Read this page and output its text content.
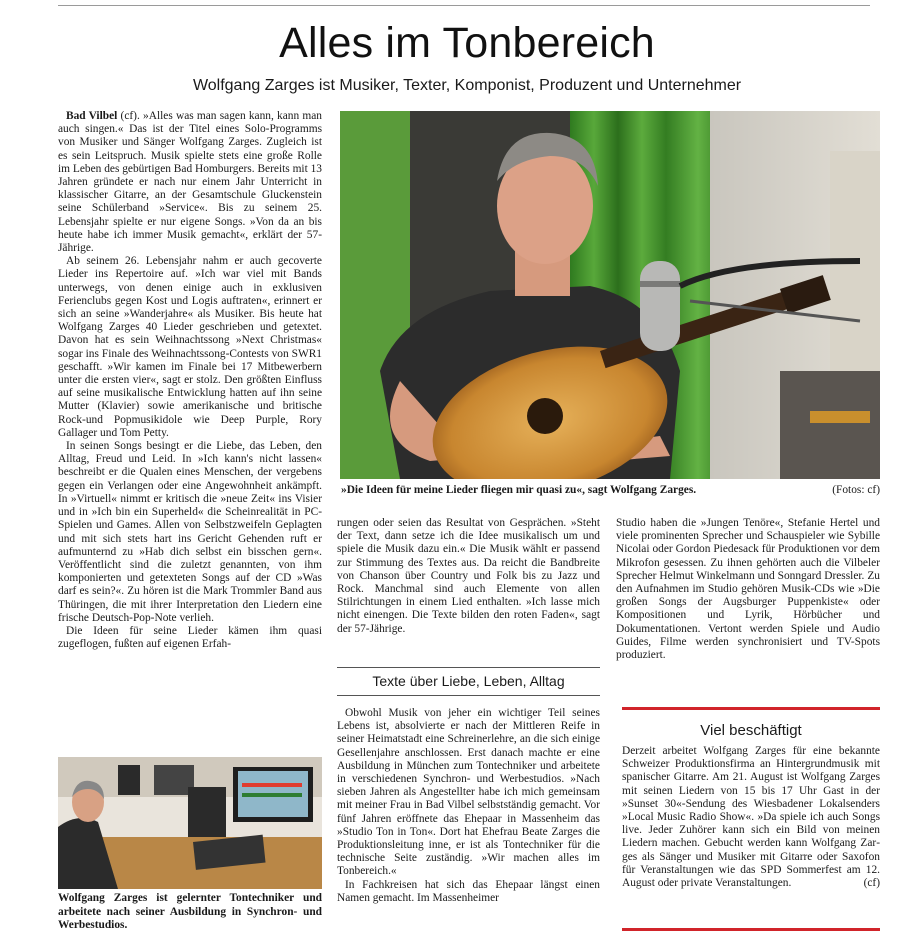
Alles im Tonbereich
Wolfgang Zarges ist Musiker, Texter, Komponist, Produzent und Unternehmer

Bad Vilbel (cf). »Alles was man sagen kann, kann man auch singen.« Das ist der Titel eines Solo-Programms von Musiker und Sänger Wolfgang Zarges. Zugleich ist es sein Leitspruch. Musik spielte stets eine große Rolle im Leben des gebürtigen Bad Homburgers. Bereits mit 13 Jahren gründete er nach nur einem Jahr Unterricht in klassischer Gitarre, an der Gesamtschule Gluckenstein seine Schülerband »Service«. Bis zu seinem 25. Lebensjahr spielte er nur eigene Songs. »Von da an bis heute habe ich immer Musik gemacht«, erklärt der 57-Jährige.

Ab seinem 26. Lebensjahr nahm er auch gecoverte Lieder ins Repertoire auf. »Ich war viel mit Bands unterwegs, von denen einige auch in exklusiven Ferienclubs gegen Kost und Logis auftraten«, erinnert er sich an seine »Wanderjahre« als Musiker. Bis heute hat Wolfgang Zarges 40 Lieder geschrieben und getextet. Davon hat es sein Weihnachtssong »Next Christmas« sogar ins Finale des Weihnachtssong-Contests von SWR1 geschafft. »Wir kamen im Finale bei 17 Mitbewerbern unter die ersten vier«, sagt er stolz. Den größten Einfluss auf seine musikalische Entwicklung hatten auf ihn seine Mutter (Klavier) sowie amerikanische und britische Rock-und Popmusikidole wie Deep Purple, Rory Gallager und Tom Petty.

In seinen Songs besingt er die Liebe, das Leben, den Alltag, Freud und Leid. In »Ich kann's nicht lassen« beschreibt er die Qualen eines Menschen, der vergebens gegen ein Verlangen oder eine Angewohnheit ankämpft. In »Virtuell« nimmt er kritisch die »neue Zeit« ins Visier und in »Ich bin ein Superheld« die Scheinrealität in PC-Spielen und Games. Allen von Selbstzweifeln Geplagten und mit sich stets hart ins Gericht Gehenden ruft er aufmunternd zu »Hab dich selbst ein bisschen gern«. Veröffentlicht sind die zuletzt genannten, von ihm komponierten und getexteten Songs auf der CD »Was darf es sein?«. Zu hören ist die Mark Trommler Band aus Thüringen, die mit ihrer Interpretation den Liedern eine frische Deutsch-Pop-Note verlieh.

Die Ideen für seine Lieder kämen ihm quasi zugeflogen, fußten auf eigenen Erfah-

»Die Ideen für meine Lieder fliegen mir quasi zu«, sagt Wolfgang Zarges.	(Fotos: cf)
Wolfgang Zarges ist gelernter Tontechniker und arbeitete nach seiner Ausbildung in Synchron- und Werbestudios.

rungen oder seien das Resultat von Gesprächen. »Steht der Text, dann setze ich die Idee musikalisch um und spiele die Musik dazu ein.« Die Musik wählt er passend zur Stimmung des Textes aus. Da reicht die Bandbreite von Chanson über Country und Folk bis zu Jazz und Rock. Manchmal sind auch Elemente von allen Stilrichtungen in einem Lied enthalten. »Ich lasse mich nicht einengen. Die Texte bilden den roten Faden«, sagt der 57-Jährige.

Texte über Liebe, Leben, Alltag

Obwohl Musik von jeher ein wichtiger Teil seines Lebens ist, absolvierte er nach der Mittleren Reife in seiner Heimatstadt eine Schreinerlehre, an die sich einige Gesellenjahre anschlossen. Erst danach machte er eine Ausbildung in München zum Tontechniker und arbeitete in verschiedenen Synchron- und Werbestudios. »Nach sieben Jahren als Angestellter habe ich mich gemeinsam mit meiner Frau in Bad Vilbel selbstständig gemacht. Vor fünf Jahren eröffnete das Ehepaar in Massenheim das »Studio Ton in Ton«. Dort hat Ehefrau Beate Zarges die Produktionsleitung inne, er ist als Tontechniker für die technische Seite zuständig. »Wir machen alles im Tonbereich.«

In Fachkreisen hat sich das Ehepaar längst einen Namen gemacht. Im Massenheimer

Studio haben die »Jungen Tenöre«, Stefanie Hertel und viele prominenten Sprecher und Schauspieler wie Sybille Nicolai oder Gordon Piedesack für Produktionen vor dem Mikrofon gesessen. Zu ihnen gehörten auch die Vilbeler Sprecher Helmut Winkelmann und Sonngard Dressler. Zu den Aufnahmen im Studio gehören Musik-CDs wie »Die großen Songs der Augsburger Puppenkiste« oder Kompositionen und Lyrik, Hörbücher und Dokumentationen. Vertont werden Spiele und Audio Guides, Filme werden synchronisiert und TV-Spots produziert.

Viel beschäftigt

Derzeit arbeitet Wolfgang Zarges für eine bekannte Schweizer Produktionsfirma an Hintergrundmusik mit spanischer Gitarre. Am 21. August ist Wolfgang Zarges mit seinen Liedern von 15 bis 17 Uhr Gast in der »Sunset 30«-Sendung des Wiesbadener Lokalsenders »Local Music Radio Show«. »Da spiele ich auch Songs live. Jeder Zuhörer kann sich ein Bild von meinen Liedern machen. Gebucht werden kann Wolfgang Zarges als Sänger und Musiker mit Gitarre oder Saxofon für Veranstaltungen wie das SPD Sommerfest am 12. August oder private Veranstaltungen.	(cf)
